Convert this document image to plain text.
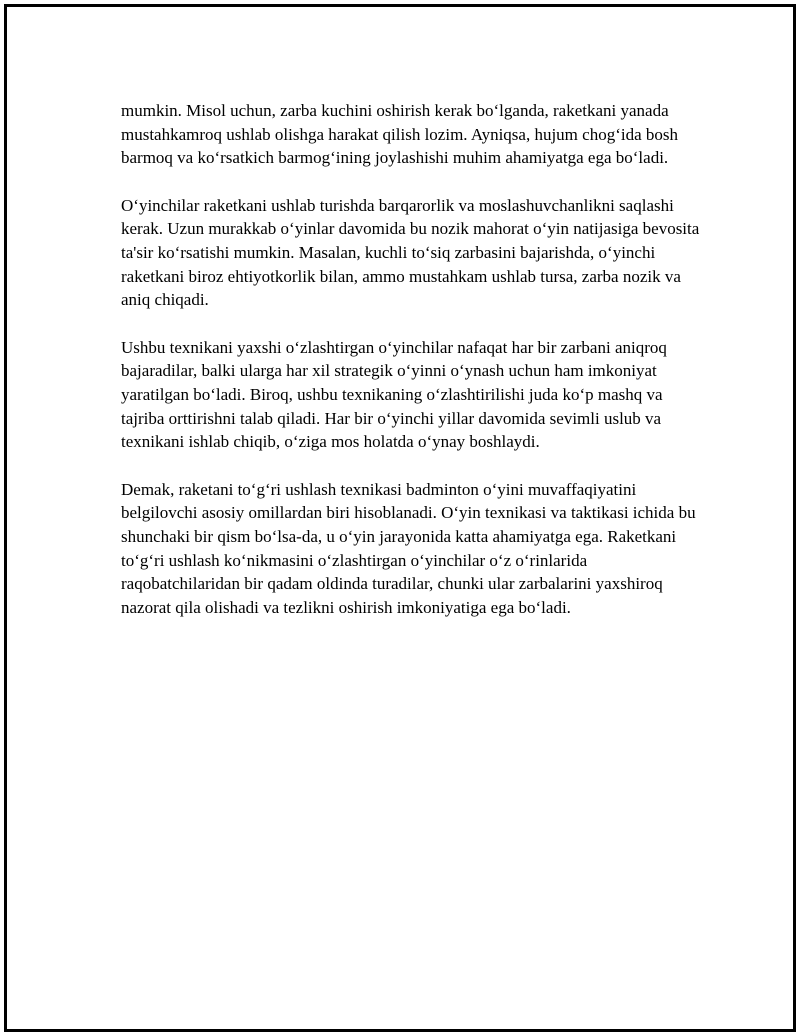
mumkin. Misol uchun, zarba kuchini oshirish kerak bo‘lganda, raketkani yanada mustahkamroq ushlab olishga harakat qilish lozim. Ayniqsa, hujum chog‘ida bosh barmoq va ko‘rsatkich barmog‘ining joylashishi muhim ahamiyatga ega bo‘ladi.

O‘yinchilar raketkani ushlab turishda barqarorlik va moslashuvchanlikni saqlashi kerak. Uzun murakkab o‘yinlar davomida bu nozik mahorat o‘yin natijasiga bevosita ta'sir ko‘rsatishi mumkin. Masalan, kuchli to‘siq zarbasini bajarishda, o‘yinchi raketkani biroz ehtiyotkorlik bilan, ammo mustahkam ushlab tursa, zarba nozik va aniq chiqadi.

Ushbu texnikani yaxshi o‘zlashtirgan o‘yinchilar nafaqat har bir zarbani aniqroq bajaradilar, balki ularga har xil strategik o‘yinni o‘ynash uchun ham imkoniyat yaratilgan bo‘ladi. Biroq, ushbu texnikaning o‘zlashtirilishi juda ko‘p mashq va tajriba orttirishni talab qiladi. Har bir o‘yinchi yillar davomida sevimli uslub va texnikani ishlab chiqib, o‘ziga mos holatda o‘ynay boshlaydi.

Demak, raketani to‘g‘ri ushlash texnikasi badminton o‘yini muvaffaqiyatini belgilovchi asosiy omillardan biri hisoblanadi. O‘yin texnikasi va taktikasi ichida bu shunchaki bir qism bo‘lsa-da, u o‘yin jarayonida katta ahamiyatga ega. Raketkani to‘g‘ri ushlash ko‘nikmasini o‘zlashtirgan o‘yinchilar o‘z o‘rinlarida raqobatchilaridan bir qadam oldinda turadilar, chunki ular zarbalarini yaxshiroq nazorat qila olishadi va tezlikni oshirish imkoniyatiga ega bo‘ladi.
